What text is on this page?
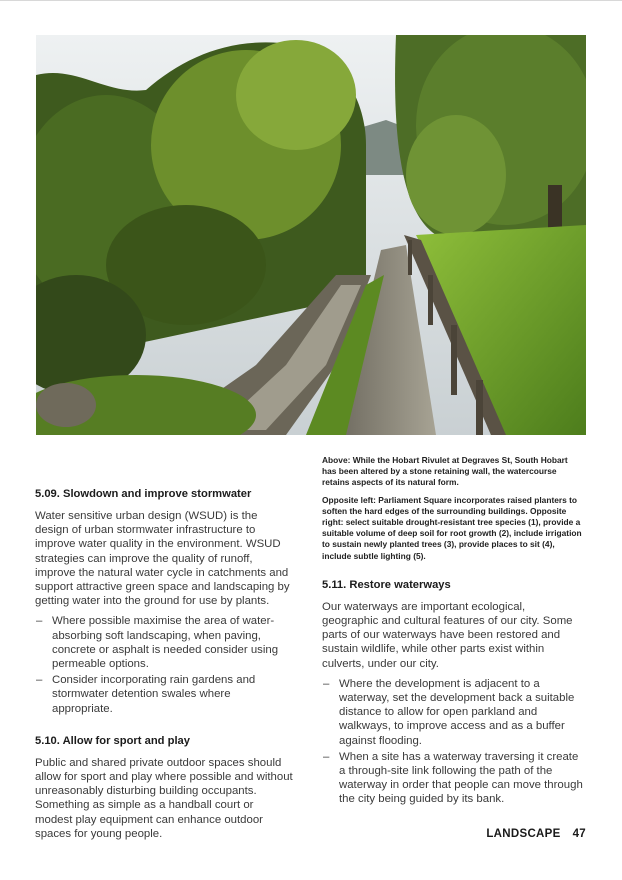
5.09. Slowdown and improve stormwater

Water sensitive urban design (WSUD) is the design of urban stormwater infrastructure to improve water quality in the environment. WSUD strategies can improve the quality of runoff, improve the natural water cycle in catchments and support attractive green space and landscaping by getting water into the ground for use by plants.

– Where possible maximise the area of water-absorbing soft landscaping, when paving, concrete or asphalt is needed consider using permeable options.
– Consider incorporating rain gardens and stormwater detention swales where appropriate.
5.10. Allow for sport and play

Public and shared private outdoor spaces should allow for sport and play where possible and without unreasonably disturbing building occupants. Something as simple as a handball court or modest play equipment can enhance outdoor spaces for young people.

Above: While the Hobart Rivulet at Degraves St, South Hobart has been altered by a stone retaining wall, the watercourse retains aspects of its natural form.

Opposite left: Parliament Square incorporates raised planters to soften the hard edges of the surrounding buildings. Opposite right: select suitable drought-resistant tree species (1), provide a suitable volume of deep soil for root growth (2), include irrigation to sustain newly planted trees (3), provide places to sit (4), include subtle lighting (5).

5.11. Restore waterways

Our waterways are important ecological, geographic and cultural features of our city. Some parts of our waterways have been restored and sustain wildlife, while other parts exist within culverts, under our city.

– Where the development is adjacent to a waterway, set the development back a suitable distance to allow for open parkland and walkways, to improve access and as a buffer against flooding.
– When a site has a waterway traversing it create a through-site link following the path of the waterway in order that people can move through the city being guided by its bank.
LANDSCAPE 47
